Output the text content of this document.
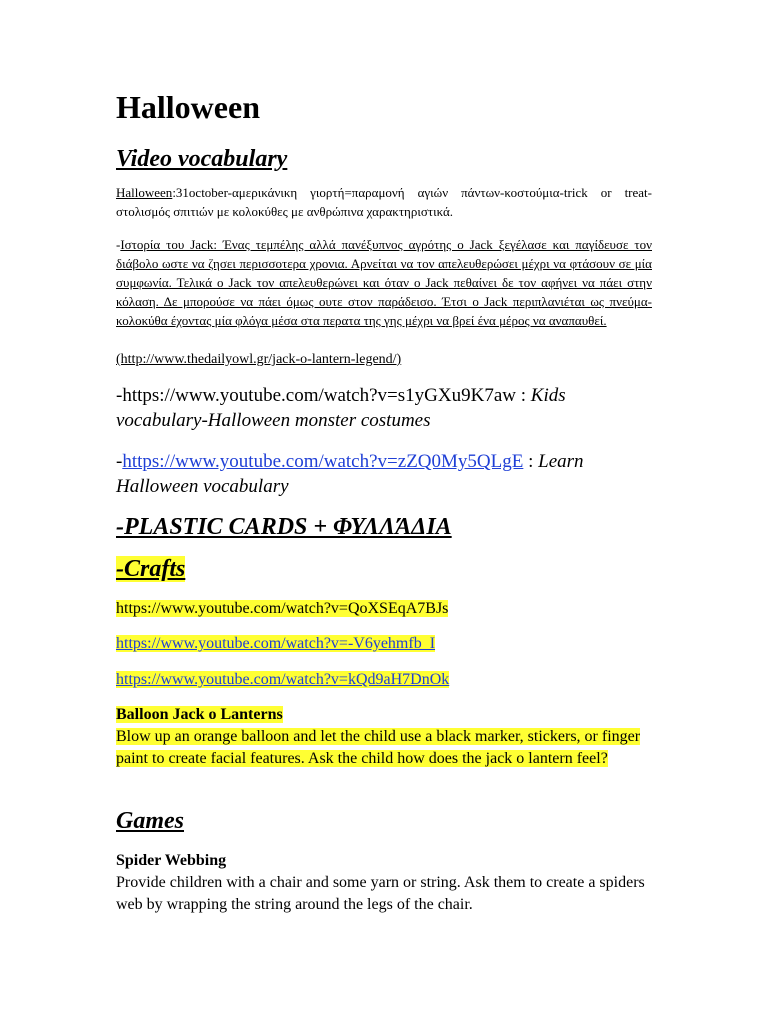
Halloween
Video vocabulary

Halloween:31october-αμερικάνικη γιορτή=παραμονή αγιών πάντων-κοστούμια-trick or treat-στολισμός σπιτιών με κολοκύθες με ανθρώπινα χαρακτηριστικά.

-Ιστορία του Jack: Ένας τεμπέλης αλλά πανέξυπνος αγρότης ο Jack ξεγέλασε και παγίδευσε τον διάβολο ωστε να ζησει περισσοτερα χρονια. Αρνείται να τον απελευθερώσει μέχρι να φτάσουν σε μία συμφωνία. Τελικά ο Jack τον απελευθερώνει και όταν ο Jack πεθαίνει δε τον αφήνει να πάει στην κόλαση. Δε μπορούσε να πάει όμως ουτε στον παράδεισο. Έτσι ο Jack περιπλανιέται ως πνεύμα-κολοκύθα έχοντας μία φλόγα μέσα στα περατα της γης μέχρι να βρεί ένα μέρος να αναπαυθεί.

(http://www.thedailyowl.gr/jack-o-lantern-legend/)

-https://www.youtube.com/watch?v=s1yGXu9K7aw : Kids vocabulary-Halloween monster costumes

-https://www.youtube.com/watch?v=zZQ0My5QLgE : Learn Halloween vocabulary

-PLASTIC CARDS + ΦΥΛΛΆΔΙΑ
-Crafts

https://www.youtube.com/watch?v=QoXSEqA7BJs

https://www.youtube.com/watch?v=-V6yehmfb_I

https://www.youtube.com/watch?v=kQd9aH7DnOk

Balloon Jack o Lanterns
Blow up an orange balloon and let the child use a black marker, stickers, or finger paint to create facial features. Ask the child how does the jack o lantern feel?
Games
Spider Webbing
Provide children with a chair and some yarn or string. Ask them to create a spiders web by wrapping the string around the legs of the chair.
